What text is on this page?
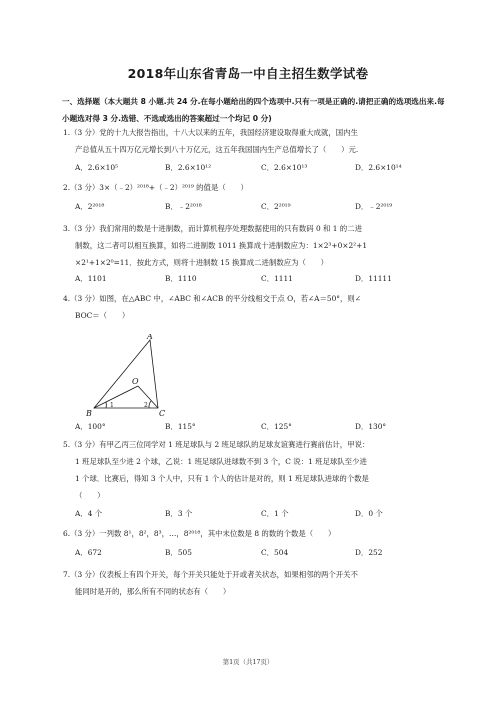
2018年山东省青岛一中自主招生数学试卷
一、选择题（本大题共 8 小题.共 24 分.在每小题给出的四个选项中.只有一项是正确的.请把正确的选项选出来.每小题选对得 3 分.选错、不选或选出的答案超过一个均记 0 分)
1.（3 分）党的十九大报告指出，十八大以来的五年，我国经济建设取得重大成就，国内生
产总值从五十四万亿元增长到八十万亿元，这五年我国国内生产总值增长了（　　）元.
A．2.6×10⁵	B．2.6×10¹²	C．2.6×10¹³	D．2.6×10¹⁴
2.（3 分）3×（﹣2）²⁰¹⁸+（﹣2）²⁰¹⁹ 的值是（　　）
A．2²⁰¹⁸	B．﹣2²⁰¹⁸	C．2²⁰¹⁹	D．﹣2²⁰¹⁹
3.（3 分）我们常用的数是十进制数，而计算机程序处理数据使用的只有数码 0 和 1 的二进
制数，这二者可以相互换算，如将二进制数 1011 换算成十进制数应为：1×2³+0×2²+1
×2¹+1×2⁰=11．按此方式，则将十进制数 15 换算成二进制数应为（　　）
A．1101	B．1110	C．1111	D．11111
4.（3 分）如图，在△ABC 中，∠ABC 和∠ACB 的平分线相交于点 O，若∠A＝50°，则∠
BOC＝（　　）
A
O
B	C
1	2
A．100°	B．115°	C．125°	D．130°
5.（3 分）有甲乙丙三位同学对 1 班足球队与 2 班足球队的足球友谊赛进行赛前估计，甲说：
1 班足球队至少进 2 个球，乙说：1 班足球队进球数不到 3 个，C 说：1 班足球队至少进
1 个球．比赛后，得知 3 个人中，只有 1 个人的估计是对的，则 1 班足球队进球的个数是
（　　）
A．4 个	B．3 个	C．1 个	D．0 个
6.（3 分）一列数 8¹，8²，8³，…，8²⁰¹⁸，其中末位数是 8 的数的个数是（　　）
A．672	B．505	C．504	D．252
7.（3 分）仪表板上有四个开关，每个开关只能处于开或者关状态，如果相邻的两个开关不
能同时是开的，那么所有不同的状态有（　　）
第1页（共17页）
